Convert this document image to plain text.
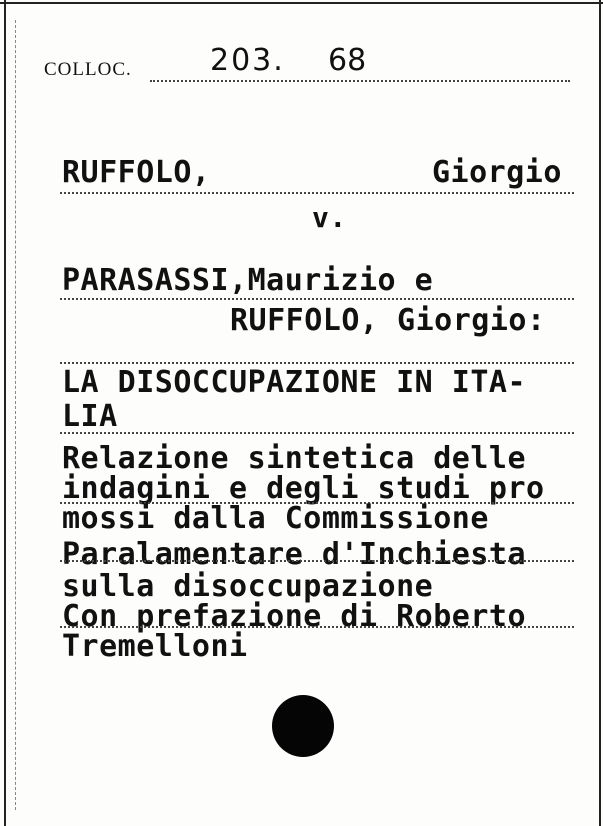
COLLOC.	203. 68
RUFFOLO,	Giorgio
v.
PARASASSI,Maurizio e
RUFFOLO, Giorgio:
LA DISOCCUPAZIONE IN ITA-
LIA
Relazione sintetica delle
indagini e degli studi pro
mossi dalla Commissione
Paralamentare d'Inchiesta
sulla disoccupazione
Con prefazione di Roberto
Tremelloni
